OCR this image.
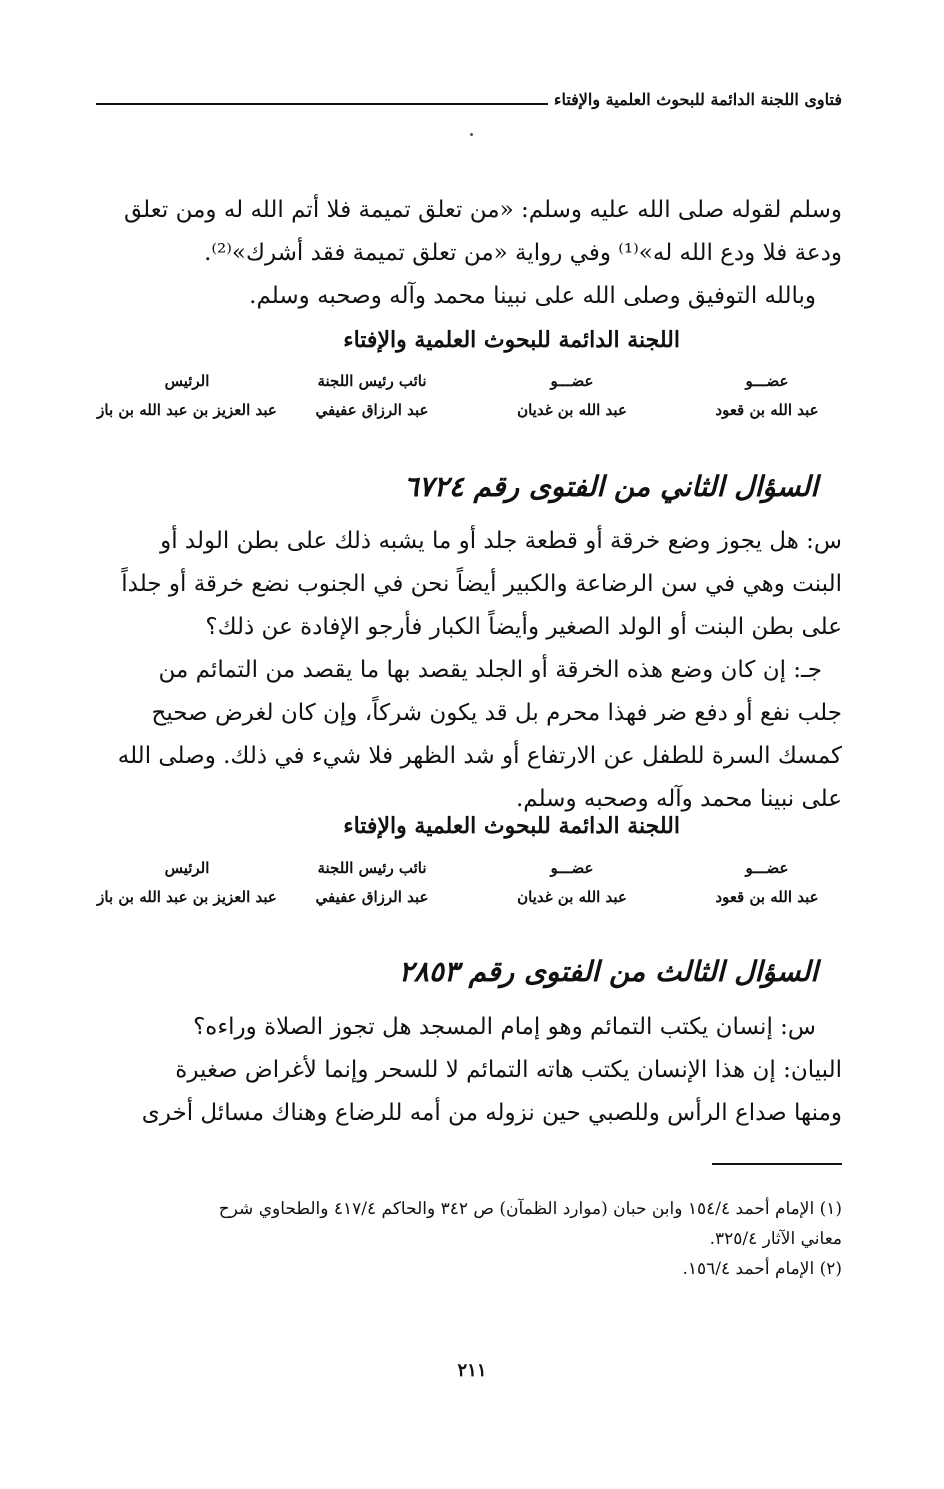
فتاوى اللجنة الدائمة للبحوث العلمية والإفتاء

وسلم لقوله صلى الله عليه وسلم: «من تعلق تميمة فلا أتم الله له ومن تعلق
ودعة فلا ودع الله له»⁽¹⁾ وفي رواية «من تعلق تميمة فقد أشرك»⁽²⁾.
وبالله التوفيق وصلى الله على نبينا محمد وآله وصحبه وسلم.

اللجنة الدائمة للبحوث العلمية والإفتاء
عضـــو
عبد الله بن قعود
عضـــو
عبد الله بن غديان
نائب رئيس اللجنة
عبد الرزاق عفيفي
الرئيس
عبد العزيز بن عبد الله بن باز
السؤال الثاني من الفتوى رقم ٦٧٢٤

س: هل يجوز وضع خرقة أو قطعة جلد أو ما يشبه ذلك على بطن الولد أو
البنت وهي في سن الرضاعة والكبير أيضاً نحن في الجنوب نضع خرقة أو جلداً
على بطن البنت أو الولد الصغير وأيضاً الكبار فأرجو الإفادة عن ذلك؟

جـ: إن كان وضع هذه الخرقة أو الجلد يقصد بها ما يقصد من التمائم من
جلب نفع أو دفع ضر فهذا محرم بل قد يكون شركاً، وإن كان لغرض صحيح
كمسك السرة للطفل عن الارتفاع أو شد الظهر فلا شيء في ذلك. وصلى الله
على نبينا محمد وآله وصحبه وسلم.

اللجنة الدائمة للبحوث العلمية والإفتاء
عضـــو
عبد الله بن قعود
عضـــو
عبد الله بن غديان
نائب رئيس اللجنة
عبد الرزاق عفيفي
الرئيس
عبد العزيز بن عبد الله بن باز
السؤال الثالث من الفتوى رقم ٢٨٥٣

س: إنسان يكتب التمائم وهو إمام المسجد هل تجوز الصلاة وراءه؟
البيان: إن هذا الإنسان يكتب هاته التمائم لا للسحر وإنما لأغراض صغيرة
ومنها صداع الرأس وللصبي حين نزوله من أمه للرضاع وهناك مسائل أخرى

(١) الإمام أحمد ١٥٤/٤ وابن حبان (موارد الظمآن) ص ٣٤٢ والحاكم ٤١٧/٤ والطحاوي شرح
معاني الآثار ٣٢٥/٤.
(٢) الإمام أحمد ١٥٦/٤.

٢١١
